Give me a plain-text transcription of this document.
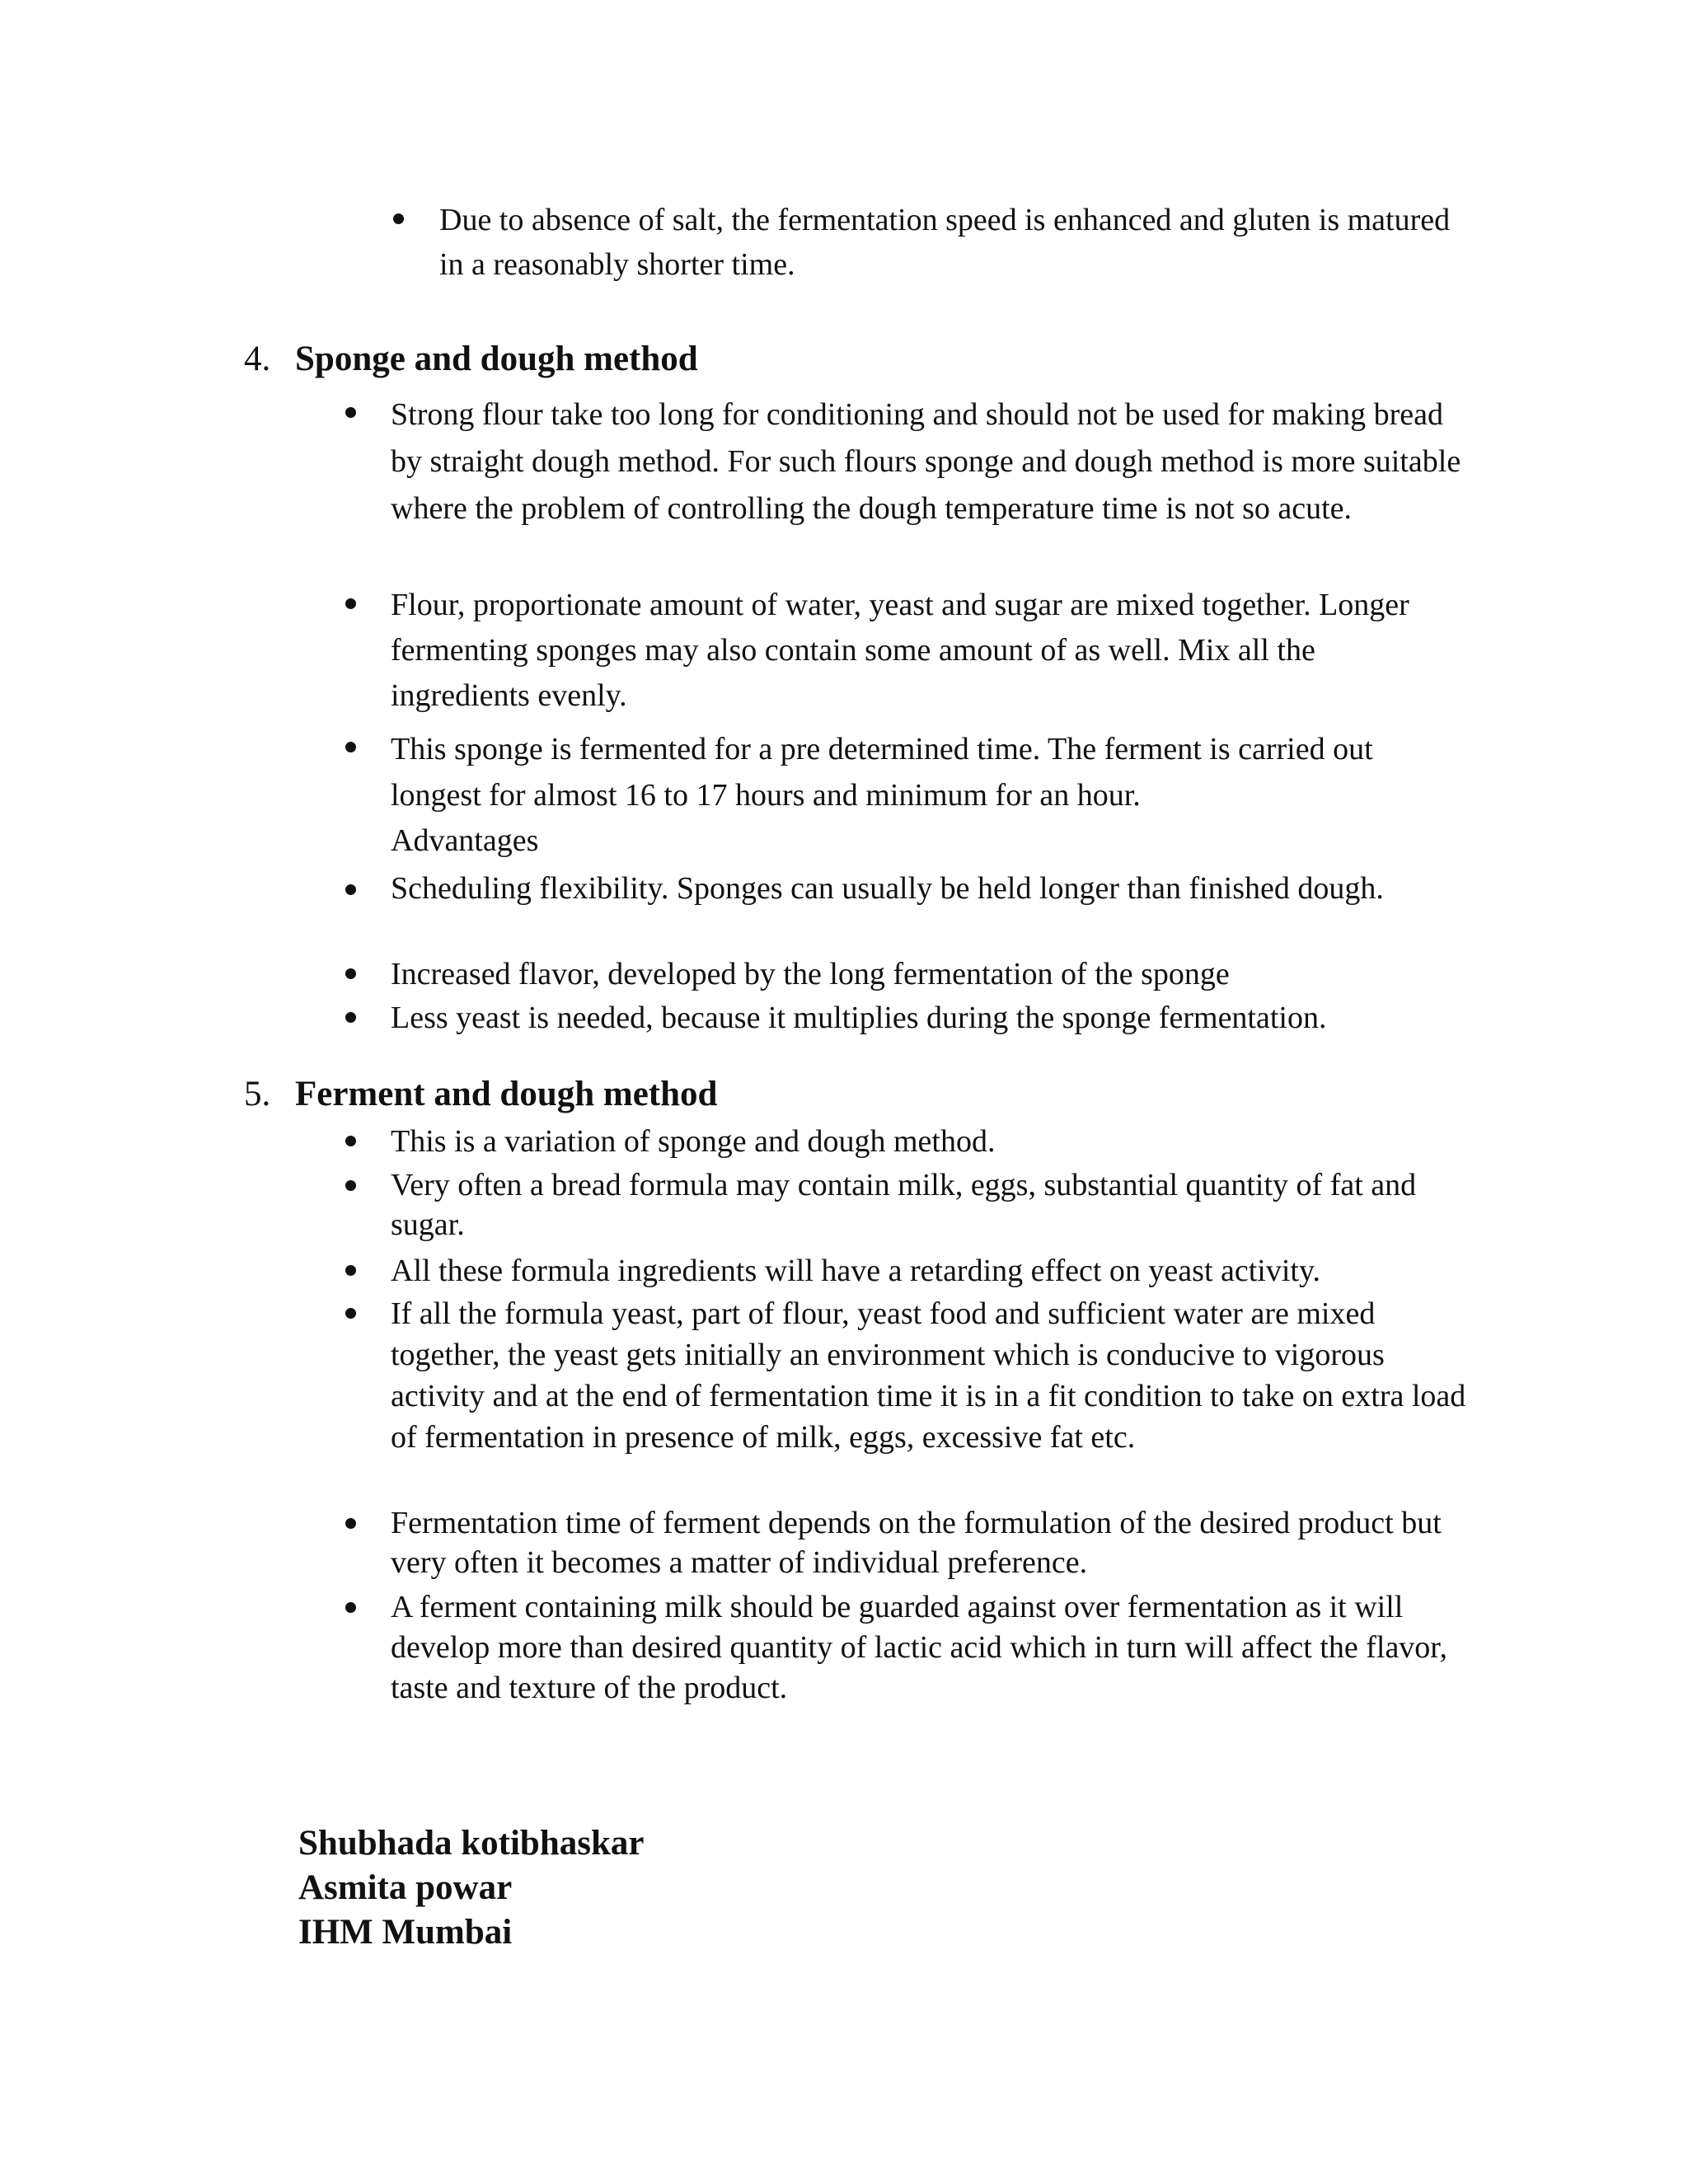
Due to absence of salt, the fermentation speed is enhanced and gluten is matured in a reasonably shorter time.

4. Sponge and dough method

Strong flour take too long for conditioning and should not be used for making bread by straight dough method. For such flours sponge and dough method is more suitable where the problem of controlling the dough temperature time is not so acute.

Flour, proportionate amount of water, yeast and sugar are mixed together. Longer fermenting sponges may also contain some amount of as well. Mix all the ingredients evenly.

This sponge is fermented for a pre determined time. The ferment is carried out longest for almost 16 to 17 hours and minimum for an hour.

Advantages

Scheduling flexibility. Sponges can usually be held longer than finished dough.

Increased flavor, developed by the long fermentation of the sponge

Less yeast is needed, because it multiplies during the sponge fermentation.

5. Ferment and dough method

This is a variation of sponge and dough method.

Very often a bread formula may contain milk, eggs, substantial quantity of fat and sugar.

All these formula ingredients will have a retarding effect on yeast activity.

If all the formula yeast, part of flour, yeast food and sufficient water are mixed together, the yeast gets initially an environment which is conducive to vigorous activity and at the end of fermentation time it is in a fit condition to take on extra load of fermentation in presence of milk, eggs, excessive fat etc.

Fermentation time of ferment depends on the formulation of the desired product but very often it becomes a matter of individual preference.

A ferment containing milk should be guarded against over fermentation as it will develop more than desired quantity of lactic acid which in turn will affect the flavor, taste and texture of the product.

Shubhada kotibhaskar

Asmita powar

IHM Mumbai
